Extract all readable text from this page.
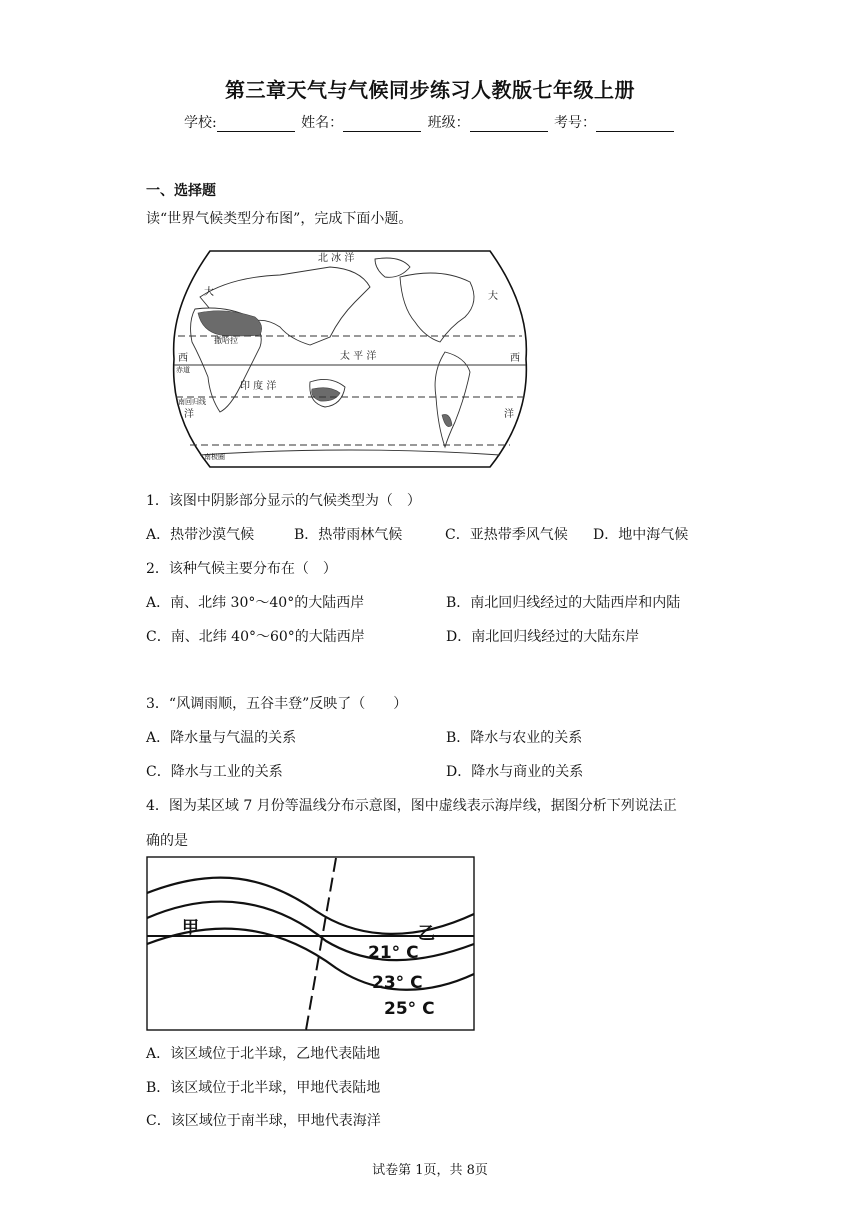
第三章天气与气候同步练习人教版七年级上册
学校:	姓名：	班级：	考号：
一、选择题
读“世界气候类型分布图”，完成下面小题。
北 冰 洋
大	大
西	西
太 平 洋
印 度 洋
洋	洋
撒哈拉
赤道
南回归线
南极圈
1．该图中阴影部分显示的气候类型为（　）
A．热带沙漠气候	B．热带雨林气候	C．亚热带季风气候 D．地中海气候
2．该种气候主要分布在（　）
A．南、北纬 30°～40°的大陆西岸	B．南北回归线经过的大陆西岸和内陆
C．南、北纬 40°～60°的大陆西岸	D．南北回归线经过的大陆东岸
3．“风调雨顺，五谷丰登”反映了（　　）
A．降水量与气温的关系	B．降水与农业的关系
C．降水与工业的关系	D．降水与商业的关系
4．图为某区域 7 月份等温线分布示意图，图中虚线表示海岸线，据图分析下列说法正
确的是
甲	乙
21° C
23° C
25° C
A．该区域位于北半球，乙地代表陆地
B．该区域位于北半球，甲地代表陆地
C．该区域位于南半球，甲地代表海洋
试卷第 1页，共 8页
